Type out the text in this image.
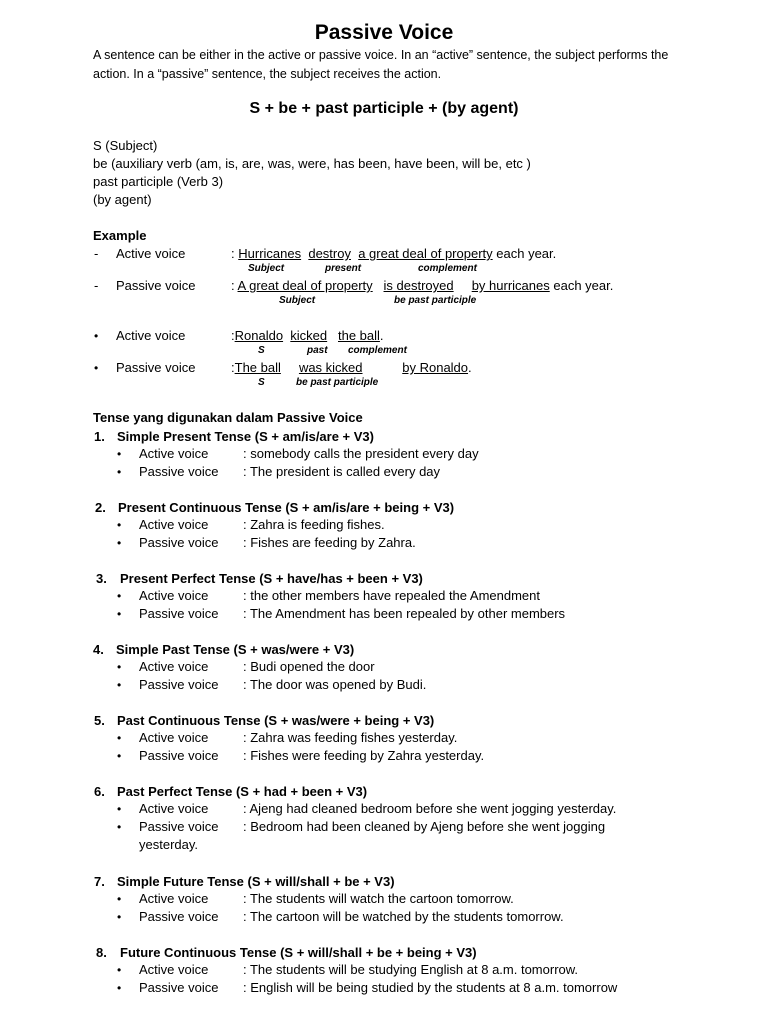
Passive Voice
A sentence can be either in the active or passive voice. In an “active” sentence, the subject performs the action. In a “passive” sentence, the subject receives the action.
S + be + past participle + (by agent)
S (Subject)
be (auxiliary verb (am, is, are, was, were, has been, have been, will be, etc )
past participle (Verb 3)
(by agent)
Example
- Active voice	: Hurricanes destroy a great deal of property each year.
Subject	present	complement
- Passive voice	: A great deal of property is destroyed by hurricanes each year.
Subject	be past participle
• Active voice	:Ronaldo kicked the ball.
S	past complement
• Passive voice	:The ball was kicked	by Ronaldo.
S	be past participle
Tense yang digunakan dalam Passive Voice
1. Simple Present Tense (S + am/is/are + V3)
• Active voice	: somebody calls the president every day
• Passive voice : The president is called every day
2. Present Continuous Tense (S + am/is/are + being + V3)
• Active voice	: Zahra is feeding fishes.
• Passive voice : Fishes are feeding by Zahra.
3. Present Perfect Tense (S + have/has + been + V3)
• Active voice	: the other members have repealed the Amendment
• Passive voice : The Amendment has been repealed by other members
4. Simple Past Tense (S + was/were + V3)
• Active voice	: Budi opened the door
• Passive voice : The door was opened by Budi.
5. Past Continuous Tense (S + was/were + being + V3)
• Active voice	: Zahra was feeding fishes yesterday.
• Passive voice : Fishes were feeding by Zahra yesterday.
6. Past Perfect Tense (S + had + been + V3)
• Active voice	: Ajeng had cleaned bedroom before she went jogging yesterday.
• Passive voice : Bedroom had been cleaned by Ajeng before she went jogging
yesterday.
7. Simple Future Tense (S + will/shall + be + V3)
• Active voice	: The students will watch the cartoon tomorrow.
• Passive voice : The cartoon will be watched by the students tomorrow.
8. Future Continuous Tense (S + will/shall + be + being + V3)
• Active voice	: The students will be studying English at 8 a.m. tomorrow.
• Passive voice : English will be being studied by the students at 8 a.m. tomorrow
